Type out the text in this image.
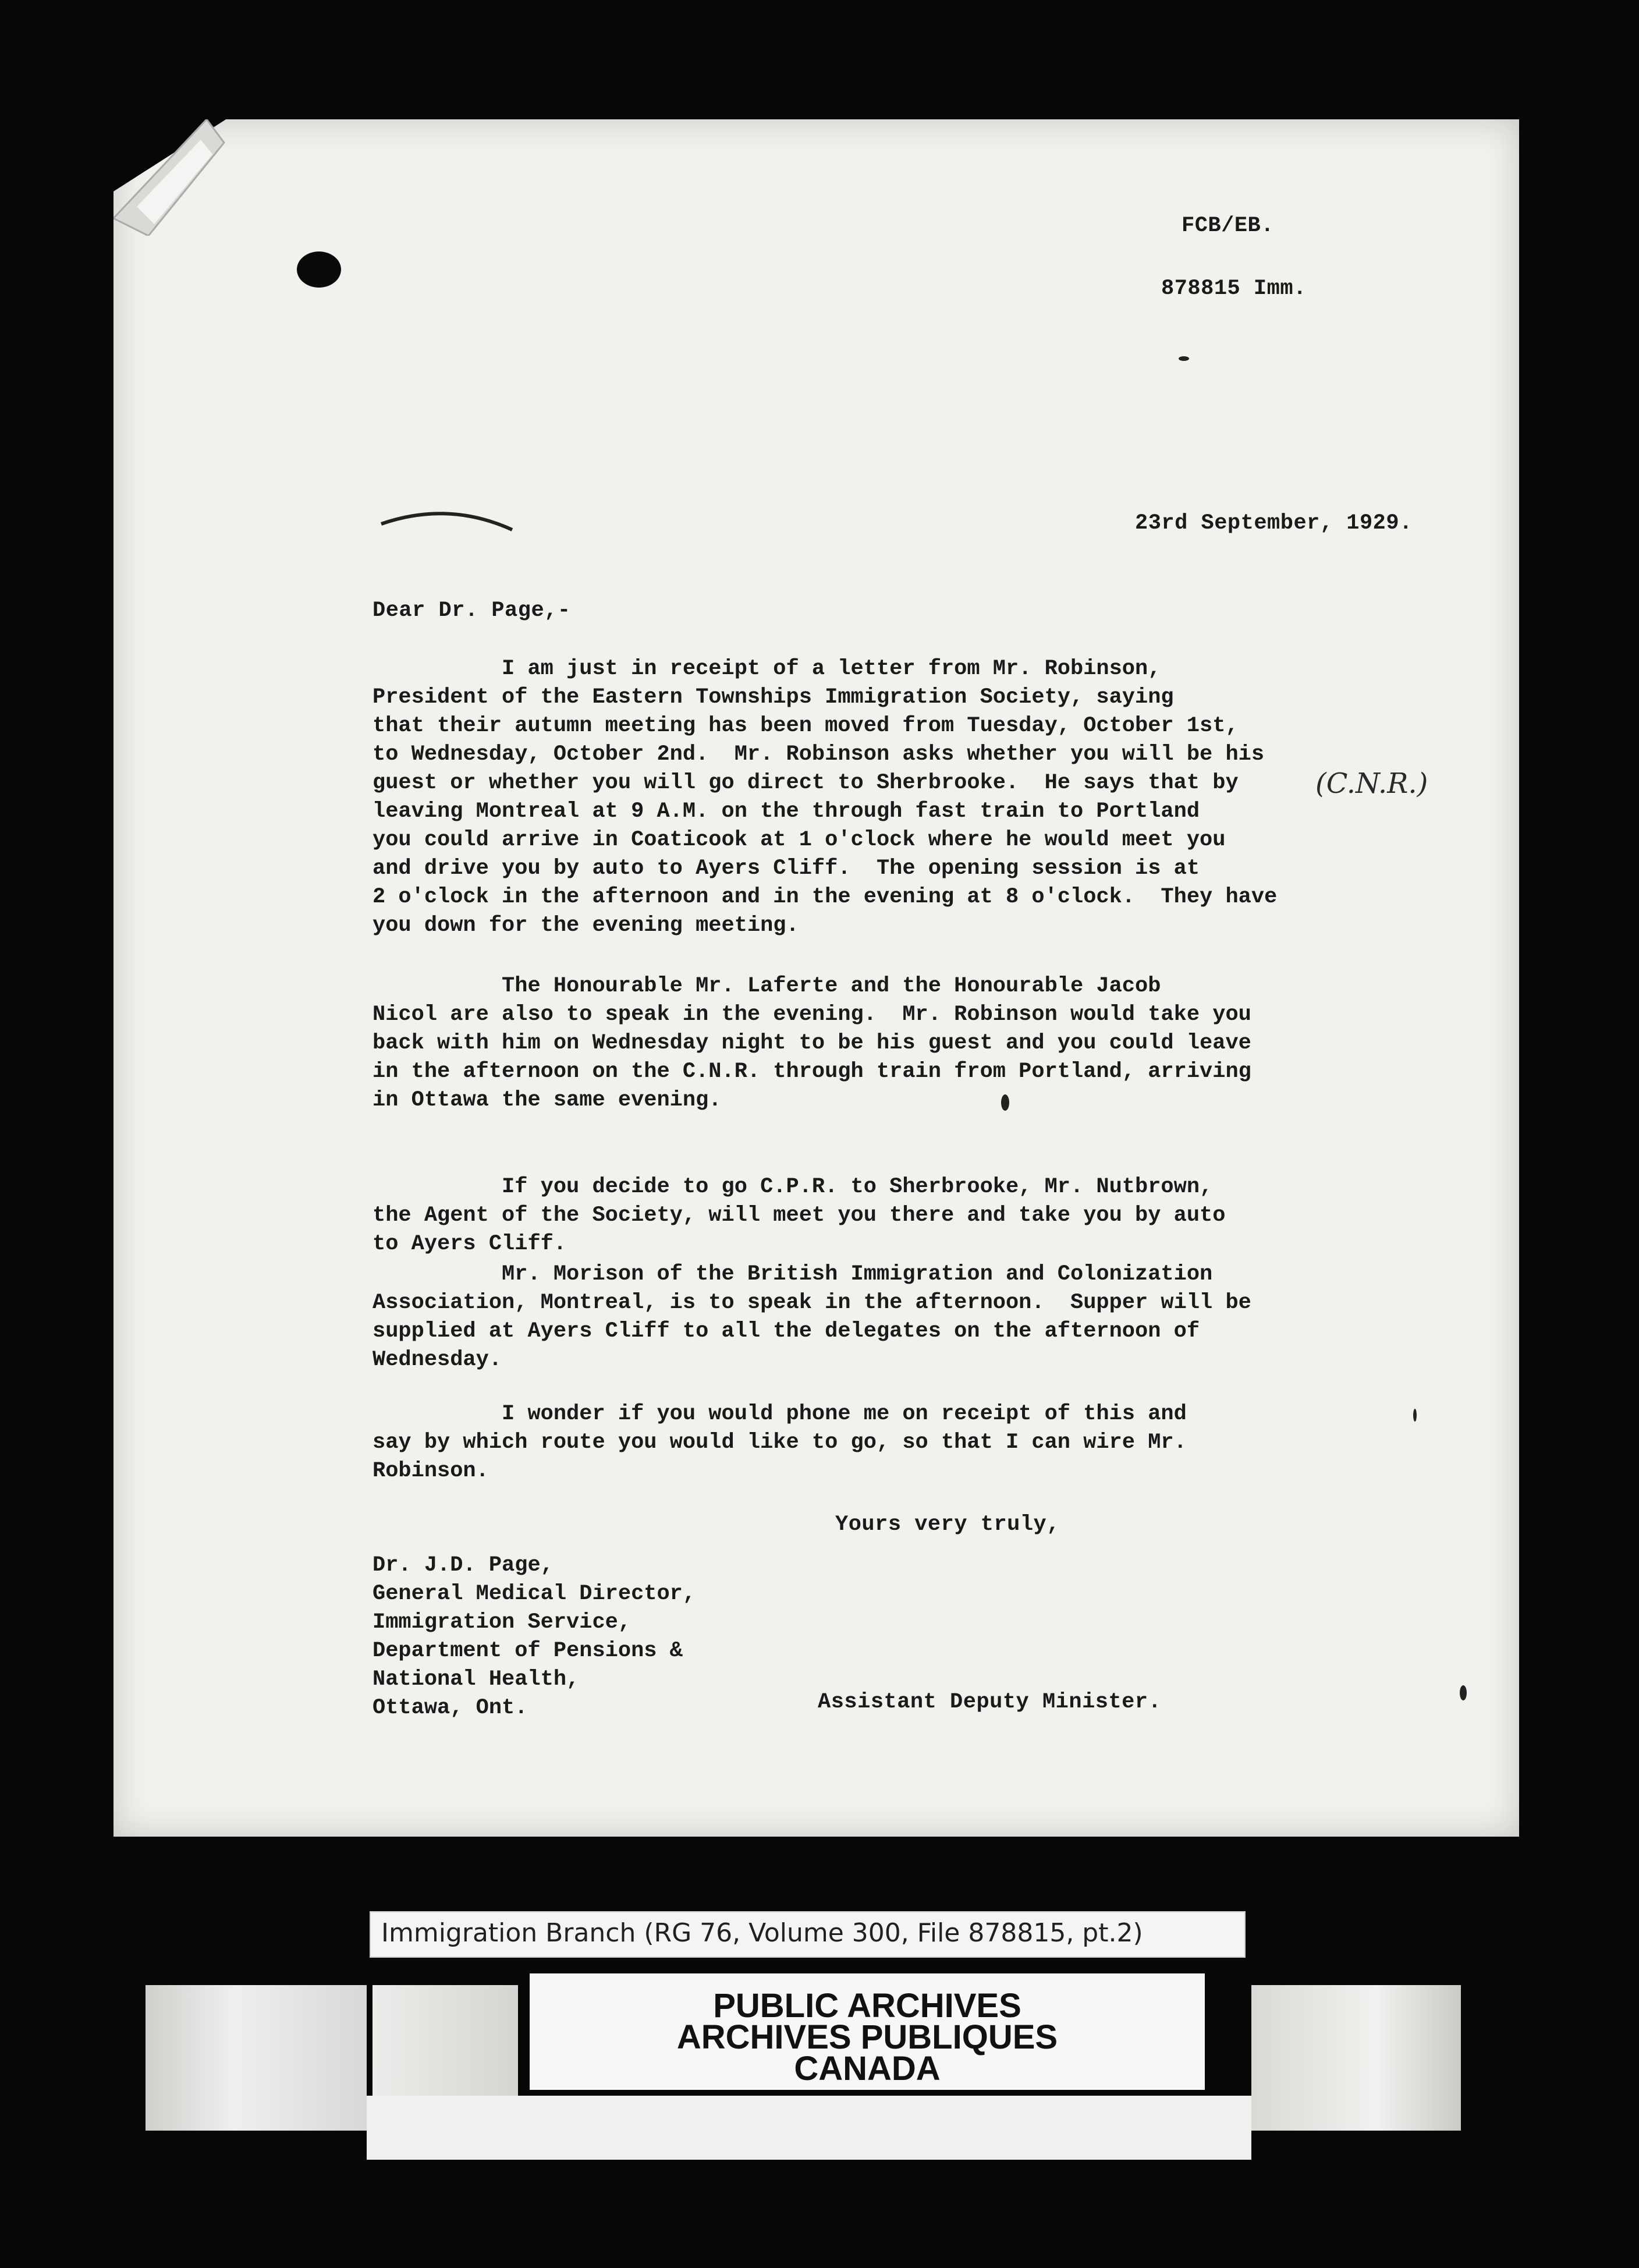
FCB/EB.
878815 Imm.
23rd September, 1929.
Dear Dr. Page,-
I am just in receipt of a letter from Mr. Robinson,
President of the Eastern Townships Immigration Society, saying
that their autumn meeting has been moved from Tuesday, October 1st,
to Wednesday, October 2nd.  Mr. Robinson asks whether you will be his
guest or whether you will go direct to Sherbrooke.  He says that by
leaving Montreal at 9 A.M. on the through fast train to Portland
you could arrive in Coaticook at 1 o'clock where he would meet you
and drive you by auto to Ayers Cliff.  The opening session is at
2 o'clock in the afternoon and in the evening at 8 o'clock.  They have
you down for the evening meeting.
(C.N.R.)
The Honourable Mr. Laferte and the Honourable Jacob
Nicol are also to speak in the evening.  Mr. Robinson would take you
back with him on Wednesday night to be his guest and you could leave
in the afternoon on the C.N.R. through train from Portland, arriving
in Ottawa the same evening.
If you decide to go C.P.R. to Sherbrooke, Mr. Nutbrown,
the Agent of the Society, will meet you there and take you by auto
to Ayers Cliff.
Mr. Morison of the British Immigration and Colonization
Association, Montreal, is to speak in the afternoon.  Supper will be
supplied at Ayers Cliff to all the delegates on the afternoon of
Wednesday.
I wonder if you would phone me on receipt of this and
say by which route you would like to go, so that I can wire Mr.
Robinson.
Yours very truly,
Dr. J.D. Page,
General Medical Director,
Immigration Service,
Department of Pensions &
National Health,
Ottawa, Ont.	Assistant Deputy Minister.
Immigration Branch (RG 76, Volume 300, File 878815, pt.2)
PUBLIC ARCHIVES
ARCHIVES PUBLIQUES
CANADA
